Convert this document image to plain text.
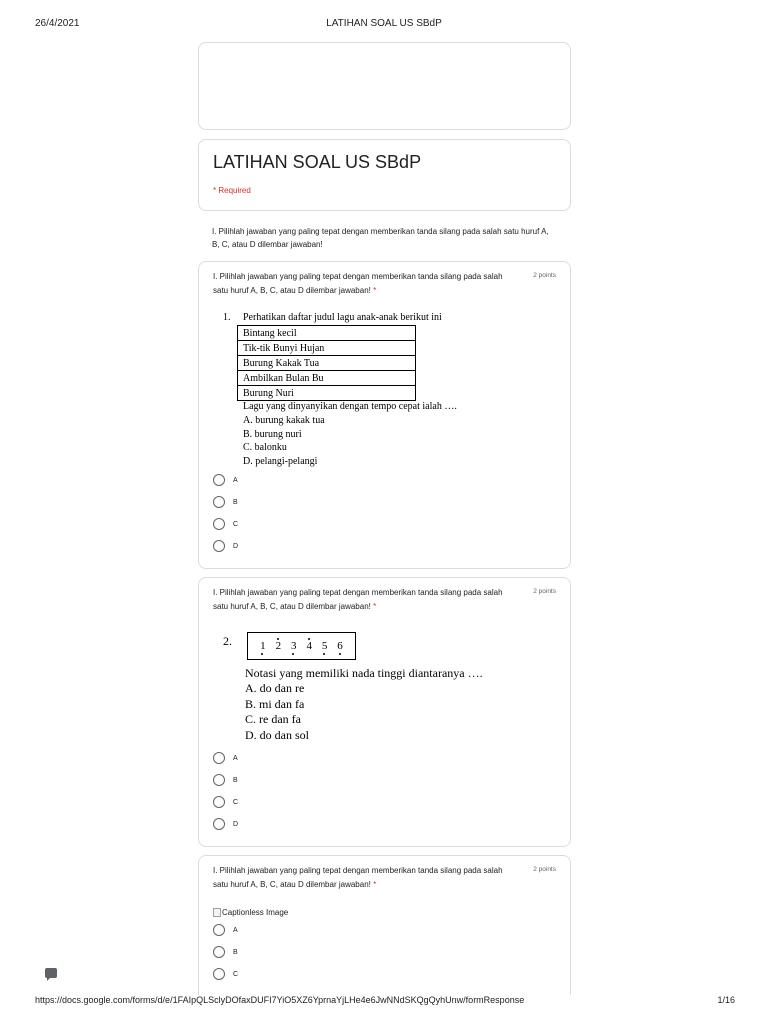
26/4/2021	LATIHAN SOAL US SBdP
LATIHAN SOAL US SBdP
* Required
I. Pilihlah jawaban yang paling tepat dengan memberikan tanda silang pada salah satu huruf A, B, C, atau D dilembar jawaban!
I. Pilihlah jawaban yang paling tepat dengan memberikan tanda silang pada salah satu huruf A, B, C, atau D dilembar jawaban! *
2 points
1. Perhatikan daftar judul lagu anak-anak berikut ini
Bintang kecil
Tik-tik Bunyi Hujan
Burung Kakak Tua
Ambilkan Bulan Bu
Burung Nuri
Lagu yang dinyanyikan dengan tempo cepat ialah ….
A. burung kakak tua
B. burung nuri
C. balonku
D. pelangi-pelangi
A
B
C
D
I. Pilihlah jawaban yang paling tepat dengan memberikan tanda silang pada salah satu huruf A, B, C, atau D dilembar jawaban! *
2 points
2.	1 2 3 4 5 6
Notasi yang memiliki nada tinggi diantaranya ….
A. do dan re
B. mi dan fa
C. re dan fa
D. do dan sol
A
B
C
D
I. Pilihlah jawaban yang paling tepat dengan memberikan tanda silang pada salah satu huruf A, B, C, atau D dilembar jawaban! *
2 points
Captionless Image
A
B
C
https://docs.google.com/forms/d/e/1FAIpQLSclyDOfaxDUFI7YiO5XZ6YprnaYjLHe4e6JwNNdSKQgQyhUnw/formResponse	1/16
